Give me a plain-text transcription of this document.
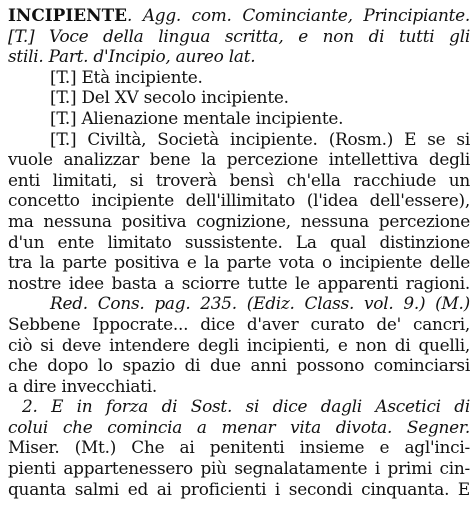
INCIPIENTE. Agg. com. Cominciante, Principiante.
[T.] Voce della lingua scritta, e non di tutti gli
stili. Part. d'Incipio, aureo lat.
[T.] Età incipiente.
[T.] Del XV secolo incipiente.
[T.] Alienazione mentale incipiente.
[T.] Civiltà, Società incipiente. (Rosm.) E se si
vuole analizzar bene la percezione intellettiva degli
enti limitati, si troverà bensì ch'ella racchiude un
concetto incipiente dell'illimitato (l'idea dell'essere),
ma nessuna positiva cognizione, nessuna percezione
d'un ente limitato sussistente. La qual distinzione
tra la parte positiva e la parte vota o incipiente delle
nostre idee basta a sciorre tutte le apparenti ragioni.
Red. Cons. pag. 235. (Ediz. Class. vol. 9.) (M.)
Sebbene Ippocrate... dice d'aver curato de' cancri,
ciò si deve intendere degli incipienti, e non di quelli,
che dopo lo spazio di due anni possono cominciarsi
a dire invecchiati.
2. E in forza di Sost. si dice dagli Ascetici di
colui che comincia a menar vita divota. Segner.
Miser. (Mt.) Che ai penitenti insieme e agl'inci-
pienti appartenessero più segnalatamente i primi cin-
quanta salmi ed ai proficienti i secondi cinquanta. E
